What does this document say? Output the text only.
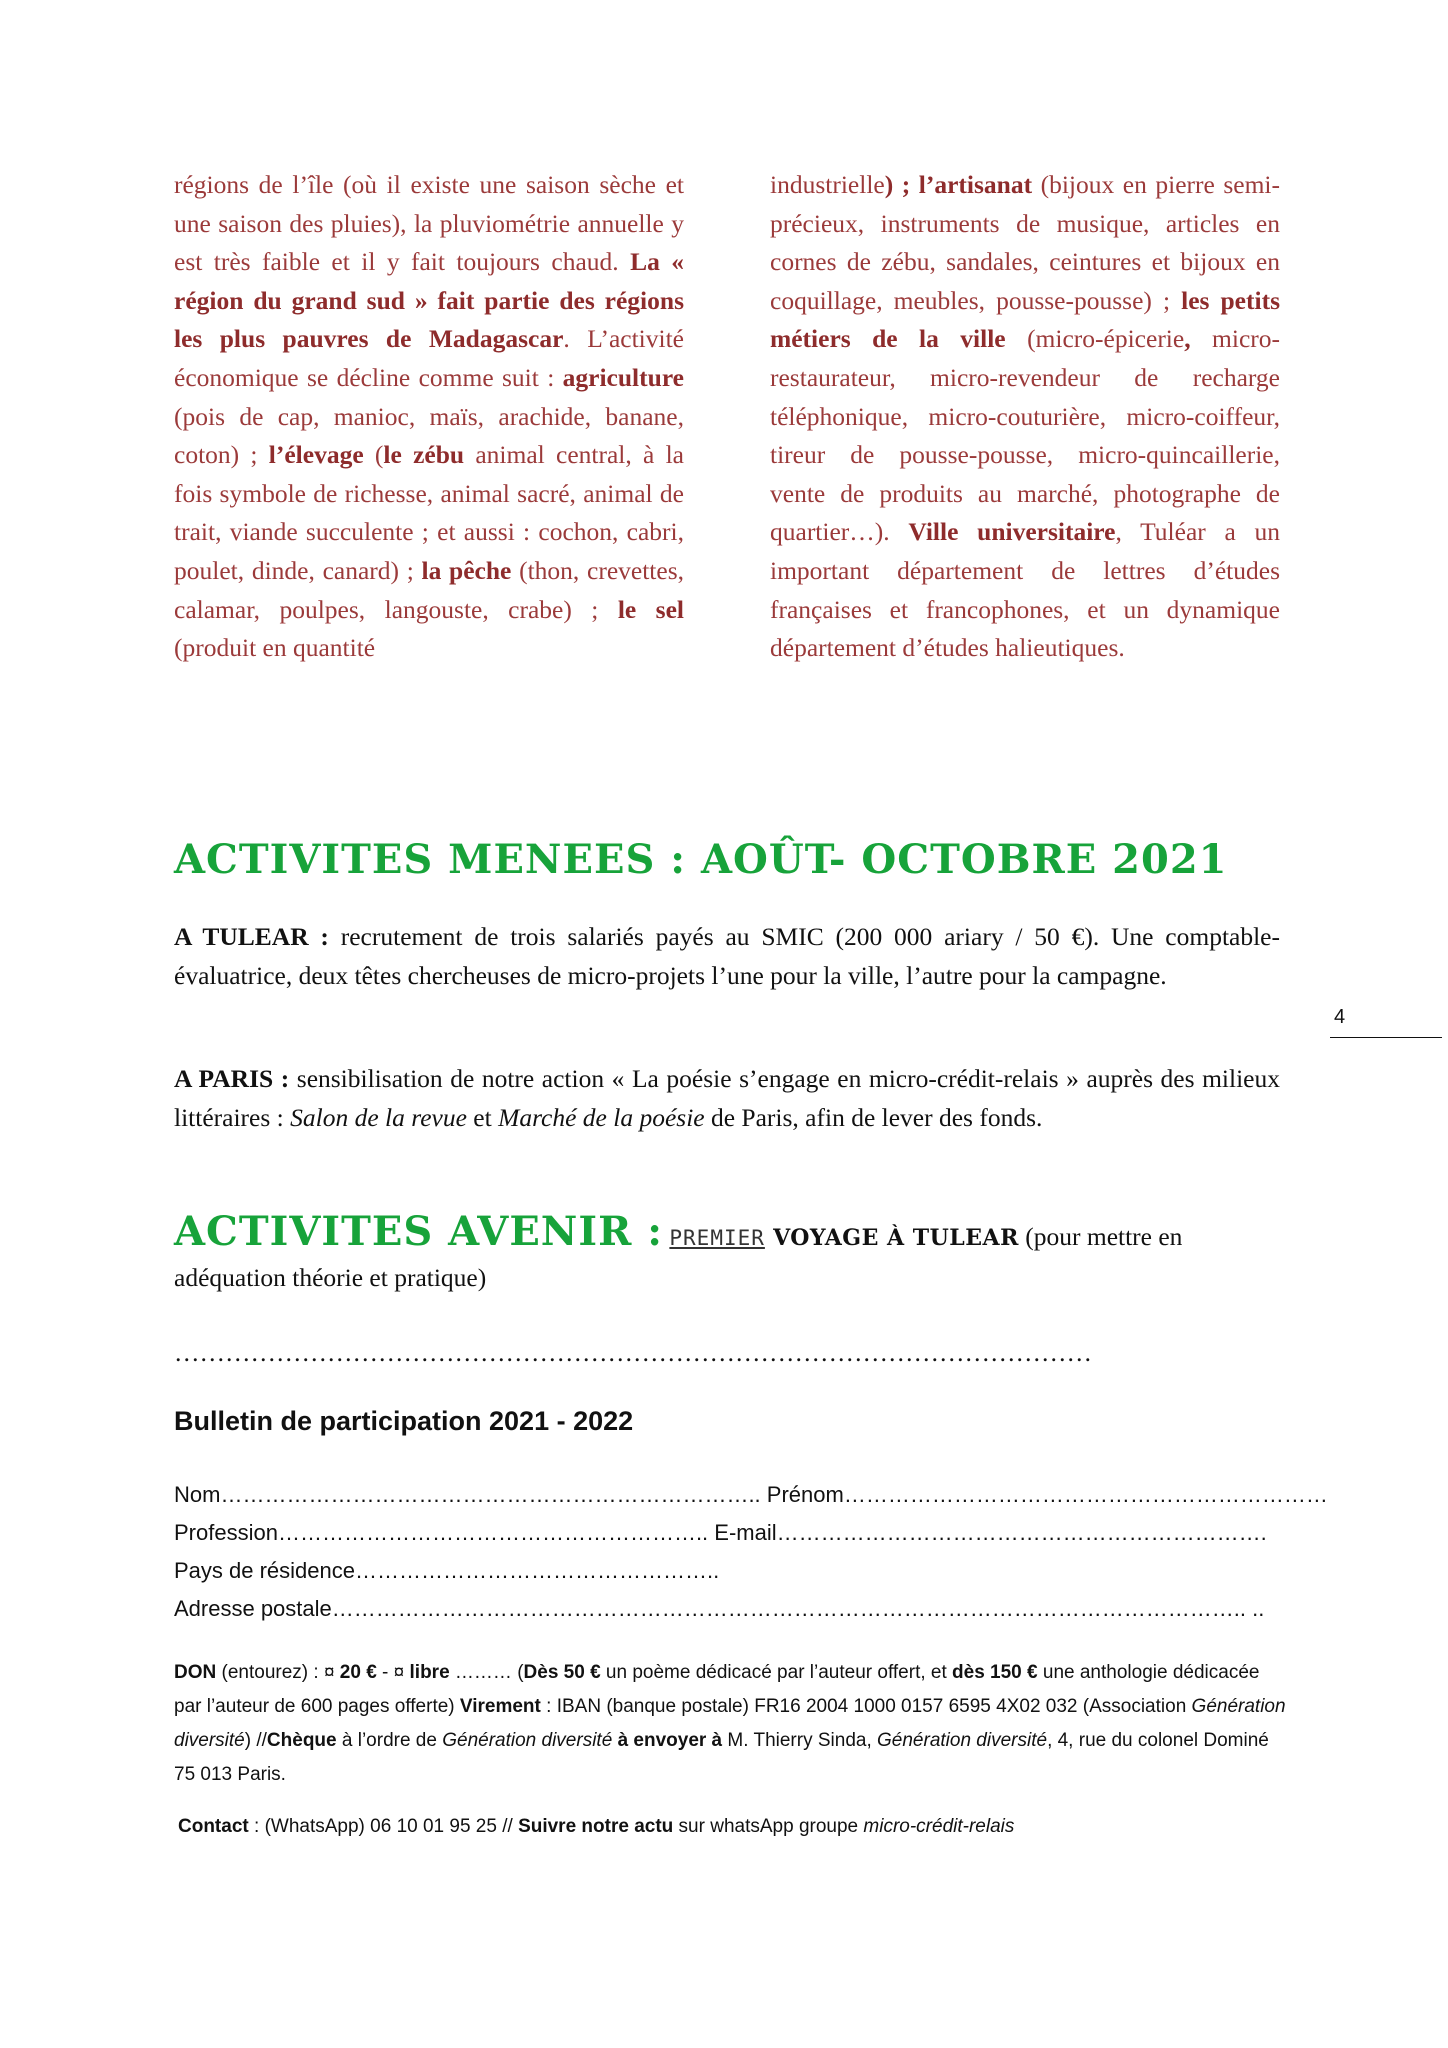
régions de l’île (où il existe une saison sèche et une saison des pluies), la pluviométrie annuelle y est très faible et il y fait toujours chaud. La « région du grand sud » fait partie des régions les plus pauvres de Madagascar. L’activité économique se décline comme suit : agriculture (pois de cap, manioc, maïs, arachide, banane, coton) ; l’élevage (le zébu animal central, à la fois symbole de richesse, animal sacré, animal de trait, viande succulente ; et aussi : cochon, cabri, poulet, dinde, canard) ; la pêche (thon, crevettes, calamar, poulpes, langouste, crabe) ; le sel (produit en quantité

industrielle) ; l’artisanat (bijoux en pierre semi-précieux, instruments de musique, articles en cornes de zébu, sandales, ceintures et bijoux en coquillage, meubles, pousse-pousse) ; les petits métiers de la ville (micro-épicerie, micro-restaurateur, micro-revendeur de recharge téléphonique, micro-couturière, micro-coiffeur, tireur de pousse-pousse, micro-quincaillerie, vente de produits au marché, photographe de quartier…). Ville universitaire, Tuléar a un important département de lettres d’études françaises et francophones, et un dynamique département d’études halieutiques.

ACTIVITES MENEES : AOÛT- OCTOBRE 2021

A TULEAR : recrutement de trois salariés payés au SMIC (200 000 ariary / 50 €). Une comptable-évaluatrice, deux têtes chercheuses de micro-projets l’une pour la ville, l’autre pour la campagne.

4

A PARIS : sensibilisation de notre action « La poésie s’engage en micro-crédit-relais » auprès des milieux littéraires : Salon de la revue et Marché de la poésie de Paris, afin de lever des fonds.

ACTIVITES AVENIR : PREMIER VOYAGE À TULEAR (pour mettre en adéquation théorie et pratique)

………………………………………………………………………………………………

Bulletin de participation 2021 - 2022

Nom……………………………………………………………….. Prénom…………………………………………………………

Profession………………………………………………….. E-mail………………………………………………………….

Pays de résidence…………………………………………..

Adresse postale…………………………………………………………………………………………………………….. ..

DON (entourez) : ¤ 20 € - ¤ libre ……… (Dès 50 € un poème dédicacé par l’auteur offert, et dès 150 € une anthologie dédicacée par l’auteur de 600 pages offerte) Virement : IBAN (banque postale) FR16 2004 1000 0157 6595 4X02 032 (Association Génération diversité) //Chèque à l’ordre de Génération diversité à envoyer à M. Thierry Sinda, Génération diversité, 4, rue du colonel Dominé 75 013 Paris.

Contact : (WhatsApp) 06 10 01 95 25 // Suivre notre actu sur whatsApp groupe micro-crédit-relais
